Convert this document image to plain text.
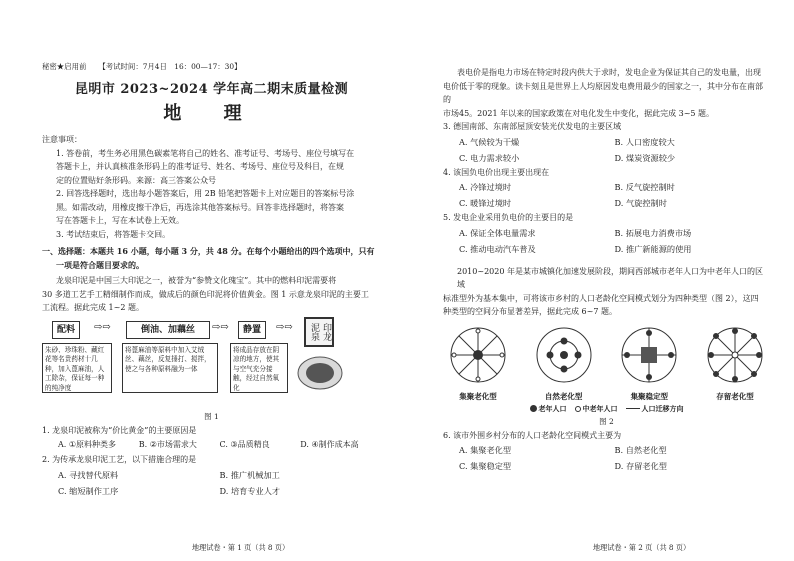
秘密★启用前 【考试时间：7月4日　16：00—17：30】
昆明市 2023~2024 学年高二期末质量检测
地 理
注意事项：
1. 答卷前，考生务必用黑色碳素笔将自己的姓名、准考证号、考场号、座位号填写在
答题卡上，并认真核准条形码上的准考证号、姓名、考场号、座位号及科目，在规
定的位置贴好条形码。来源：高三答案公众号
2. 回答选择题时，选出每小题答案后，用 2B 铅笔把答题卡上对应题目的答案标号涂
黑。如需改动，用橡皮擦干净后，再选涂其他答案标号。回答非选择题时，将答案
写在答题卡上，写在本试卷上无效。
3. 考试结束后，将答题卡交回。
一、选择题：本题共 16 小题，每小题 3 分，共 48 分。在每个小题给出的四个选项中，只有
一项是符合题目要求的。
龙泉印泥是中国三大印泥之一，被誉为“参赞文化瑰宝”。其中的燃料印泥需要将
30 多道工艺手工精细制作而成，做成后的颜色印泥将价值黄金。图 1 示意龙泉印泥的主要工
工流程。据此完成 1~2 题。
配料	⇨⇨	倒油、加藕丝	⇨⇨	静置	⇨⇨	印龙泥泉
朱砂、珍珠粉、藏红花等名贵药材十几种，加入蓖麻油，人工除杂，保证每一种的纯净度
将蓖麻油等原料中加入艾绒丝、藕丝，反复捶打、搅拌，使之与各种原料融为一体
将成品存放在阴凉的地方，使其与空气充分接触，经过自然氧化
图 1
1. 龙泉印泥被称为“价比黄金”的主要原因是
A. ①原料种类多	B. ②市场需求大	C. ③品质精良	D. ④制作成本高
2. 为传承龙泉印泥工艺，以下措施合理的是
A. 寻找替代原料	B. 推广机械加工
C. 缩短制作工序	D. 培育专业人才
地理试卷・第 1 页（共 8 页）
表电价是指电力市场在特定时段内供大于求时，发电企业为保证其自己的发电量，出现
电价低于零的现象。读卡刻且是世界上人均原因发电费用最少的国家之一，其中分布在南部的
市场45。2021 年以来的国家政策在对电化发生中变化，据此完成 3~5 题。
3. 德国南部、东南部屋顶安装光伏发电的主要区域
A. 气候较为干燥	B. 人口密度较大
C. 电力需求较小	D. 煤炭资源较少
4. 该国负电价出现主要出现在
A. 冷锋过境时	B. 反气旋控制时
C. 暖锋过境时	D. 气旋控制时
5. 发电企业采用负电价的主要目的是
A. 保证全体电量需求	B. 拓展电力消费市场
C. 推动电动汽车普及	D. 推广新能源的使用
2010~2020 年是某市城镇化加速发展阶段，期间西部城市老年人口为中老年人口的区域
标准型外为基本集中，可将该市乡村的人口老龄化空间模式划分为四种类型（图 2），这四
种类型的空间分布显著差异，据此完成 6~7 题。
集聚老化型	自然老化型	集聚稳定型	存留老化型
老年人口 中老年人口	人口迁移方向
图 2
6. 该市外围乡村分布的人口老龄化空间模式主要为
A. 集聚老化型	B. 自然老化型
C. 集聚稳定型	D. 存留老化型
地理试卷・第 2 页（共 8 页）
